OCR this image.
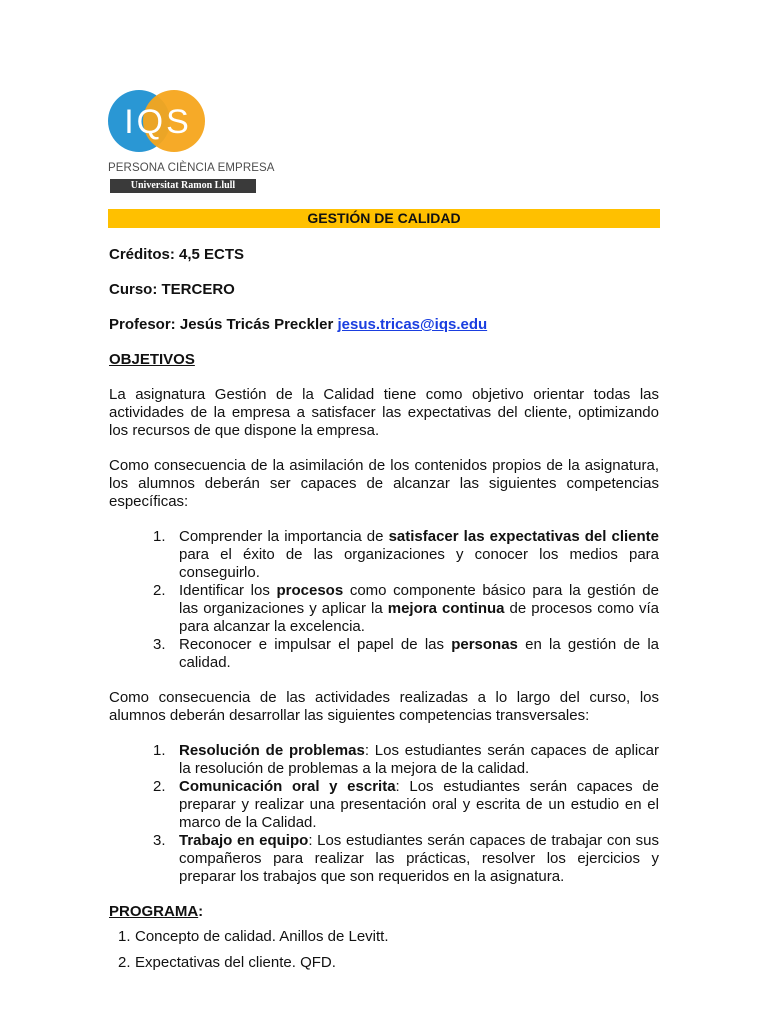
IQS
PERSONA CIÈNCIA EMPRESA
Universitat Ramon Llull
GESTIÓN DE CALIDAD

Créditos: 4,5 ECTS

Curso: TERCERO

Profesor: Jesús Tricás Preckler jesus.tricas@iqs.edu

OBJETIVOS

La asignatura Gestión de la Calidad tiene como objetivo orientar todas las actividades de la empresa a satisfacer las expectativas del cliente, optimizando los recursos de que dispone la empresa.

Como consecuencia de la asimilación de los contenidos propios de la asignatura, los alumnos deberán ser capaces de alcanzar las siguientes competencias específicas:

1. Comprender la importancia de satisfacer las expectativas del cliente para el éxito de las organizaciones y conocer los medios para conseguirlo.
2. Identificar los procesos como componente básico para la gestión de las organizaciones y aplicar la mejora continua de procesos como vía para alcanzar la excelencia.
3. Reconocer e impulsar el papel de las personas en la gestión de la calidad.

Como consecuencia de las actividades realizadas a lo largo del curso, los alumnos deberán desarrollar las siguientes competencias transversales:

1. Resolución de problemas: Los estudiantes serán capaces de aplicar la resolución de problemas a la mejora de la calidad.
2. Comunicación oral y escrita: Los estudiantes serán capaces de preparar y realizar una presentación oral y escrita de un estudio en el marco de la Calidad.
3. Trabajo en equipo: Los estudiantes serán capaces de trabajar con sus compañeros para realizar las prácticas, resolver los ejercicios y preparar los trabajos que son requeridos en la asignatura.

PROGRAMA:

1. Concepto de calidad. Anillos de Levitt.
2. Expectativas del cliente. QFD.
